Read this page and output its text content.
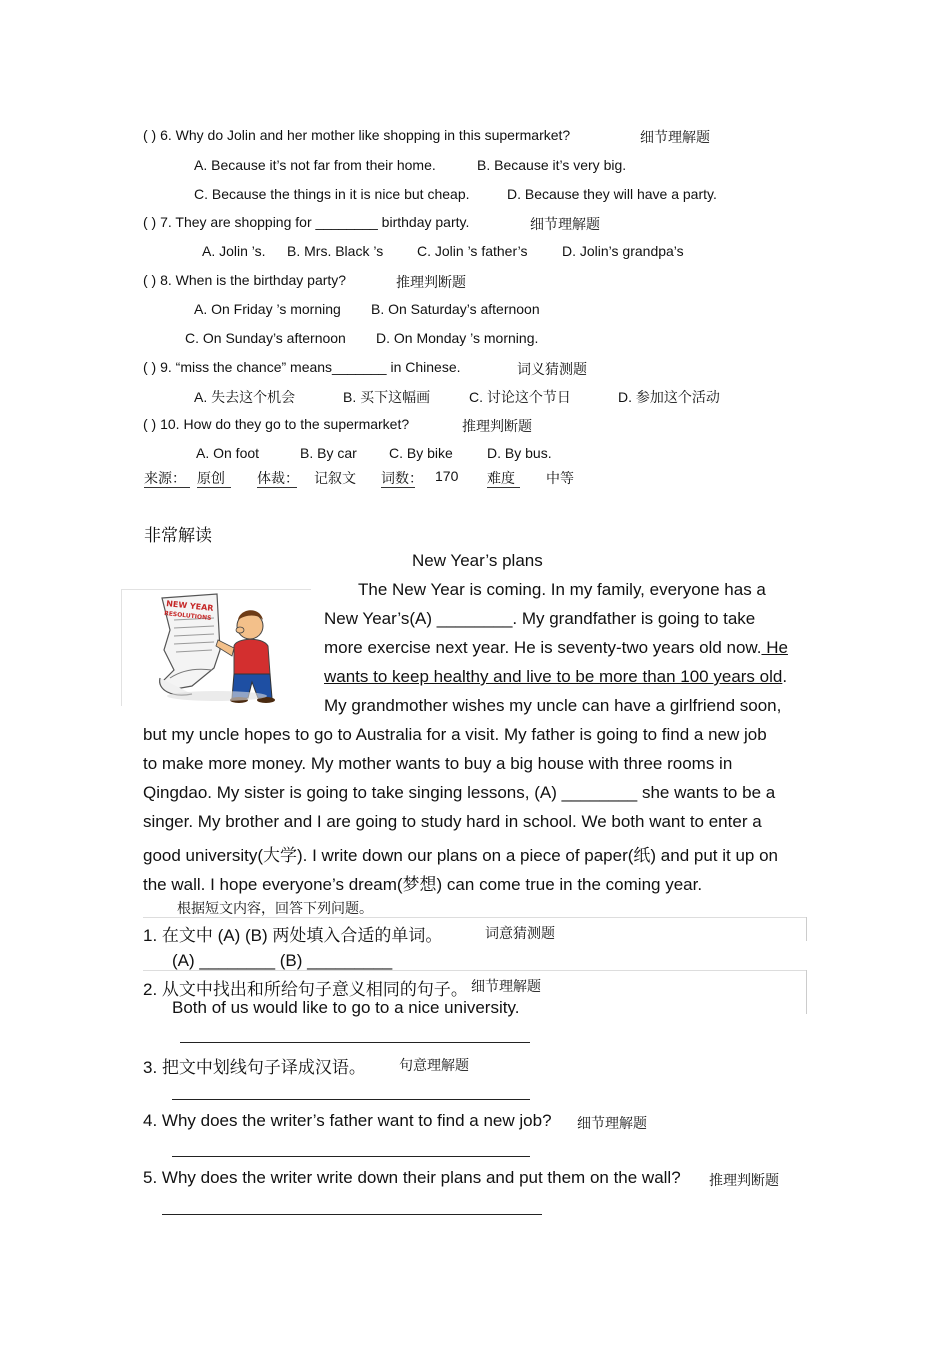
( ) 6. Why do Jolin and her mother like shopping in this supermarket?	细节理解题
A. Because it’s not far from their home.	B. Because it’s very big.
C. Because the things in it is nice but cheap.	D. Because they will have a party.
( ) 7. They are shopping for ________ birthday party.	细节理解题
A. Jolin ’s. B. Mrs. Black ’s C. Jolin ’s father’s D. Jolin’s grandpa’s
( ) 8. When is the birthday party?	推理判断题
A. On Friday ’s morning B. On Saturday’s afternoon
C. On Sunday’s afternoon D. On Monday ’s morning.
( ) 9. “miss the chance” means_______ in Chinese.	词义猜测题
A. 失去这个机会	B. 买下这幅画	C. 讨论这个节日	D. 参加这个活动
( ) 10. How do they go to the supermarket?	推理判断题
A. On foot	B. By car C. By bike D. By bus.
来源： 原创 体裁： 记叙文 词数： 170 难度 中等
非常解读
New Year’s plans
NEW YEAR
RESOLUTIONS
The New Year is coming. In my family, everyone has a
New Year’s(A) ________. My grandfather is going to take
more exercise next year. He is seventy-two years old now. He
wants to keep healthy and live to be more than 100 years old.
My grandmother wishes my uncle can have a girlfriend soon,
but my uncle hopes to go to Australia for a visit. My father is going to find a new job
to make more money. My mother wants to buy a big house with three rooms in
Qingdao. My sister is going to take singing lessons, (A) ________ she wants to be a
singer. My brother and I are going to study hard in school. We both want to enter a
good university(大学). I write down our plans on a piece of paper(纸) and put it up on
the wall. I hope everyone’s dream(梦想) can come true in the coming year.
根据短文内容，回答下列问题。
1. 在文中 (A) (B) 两处填入合适的单词。	词意猜测题
(A) ________ (B) _________
2. 从文中找出和所给句子意义相同的句子。 细节理解题
Both of us would like to go to a nice university.
3. 把文中划线句子译成汉语。 句意理解题
4. Why does the writer’s father want to find a new job? 细节理解题
5. Why does the writer write down their plans and put them on the wall? 推理判断题
